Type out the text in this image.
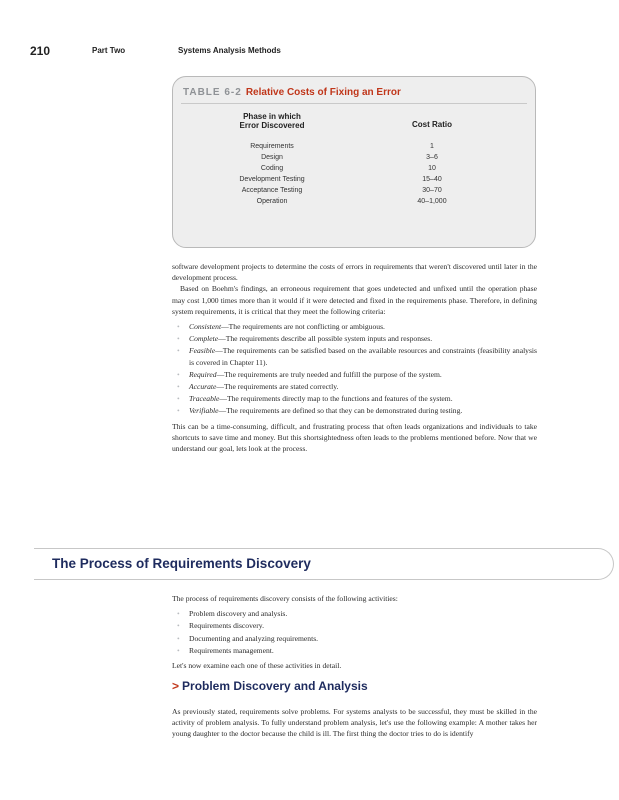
210	Part Two	Systems Analysis Methods
TABLE 6-2 Relative Costs of Fixing an Error
Phase in which
Error Discovered	Cost Ratio
Requirements	1
Design	3–6
Coding	10
Development Testing	15–40
Acceptance Testing	30–70
Operation	40–1,000

software development projects to determine the costs of errors in requirements that weren't discovered until later in the development process.

Based on Boehm's findings, an erroneous requirement that goes undetected and unfixed until the operation phase may cost 1,000 times more than it would if it were detected and fixed in the requirements phase. Therefore, in defining system requirements, it is critical that they meet the following criteria:

• Consistent—The requirements are not conflicting or ambiguous.
• Complete—The requirements describe all possible system inputs and responses.
• Feasible—The requirements can be satisfied based on the available resources and constraints (feasibility analysis is covered in Chapter 11).
• Required—The requirements are truly needed and fulfill the purpose of the system.
• Accurate—The requirements are stated correctly.
• Traceable—The requirements directly map to the functions and features of the system.
• Verifiable—The requirements are defined so that they can be demonstrated during testing.

This can be a time-consuming, difficult, and frustrating process that often leads organizations and individuals to take shortcuts to save time and money. But this shortsightedness often leads to the problems mentioned before. Now that we understand our goal, lets look at the process.

The Process of Requirements Discovery

The process of requirements discovery consists of the following activities:

• Problem discovery and analysis.
• Requirements discovery.
• Documenting and analyzing requirements.
• Requirements management.

Let's now examine each one of these activities in detail.

> Problem Discovery and Analysis

As previously stated, requirements solve problems. For systems analysts to be successful, they must be skilled in the activity of problem analysis. To fully understand problem analysis, let's use the following example: A mother takes her young daughter to the doctor because the child is ill. The first thing the doctor tries to do is identify
